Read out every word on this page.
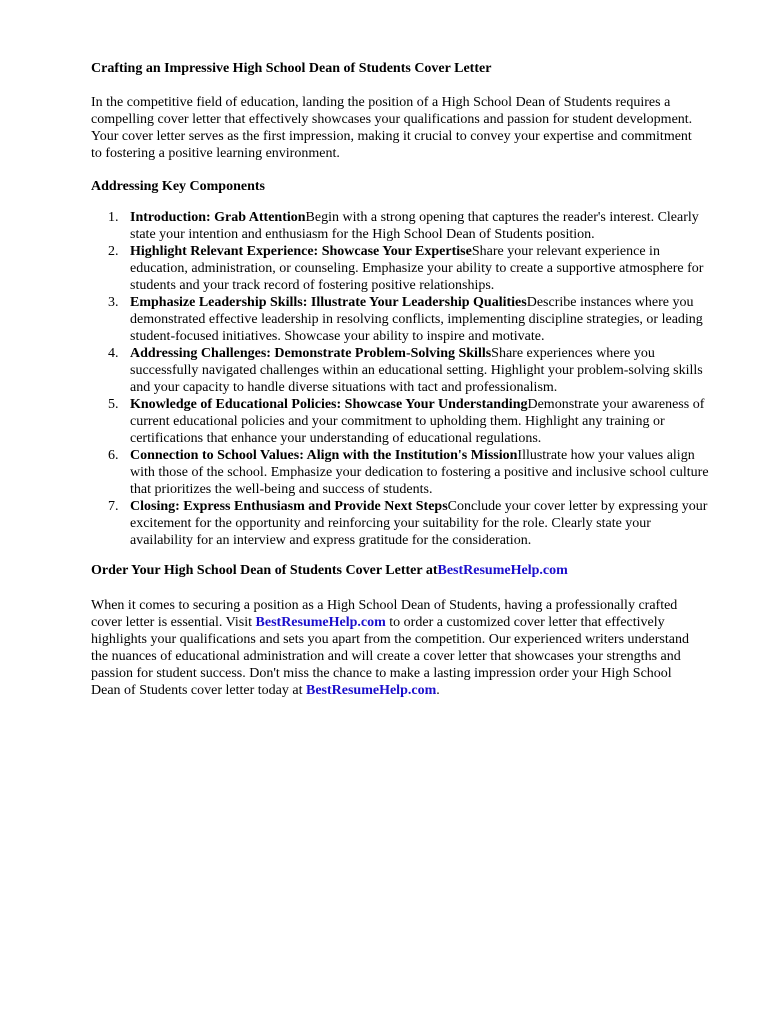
Crafting an Impressive High School Dean of Students Cover Letter

In the competitive field of education, landing the position of a High School Dean of Students requires a compelling cover letter that effectively showcases your qualifications and passion for student development. Your cover letter serves as the first impression, making it crucial to convey your expertise and commitment to fostering a positive learning environment.

Addressing Key Components
1. Introduction: Grab AttentionBegin with a strong opening that captures the reader's interest. Clearly state your intention and enthusiasm for the High School Dean of Students position.
2. Highlight Relevant Experience: Showcase Your ExpertiseShare your relevant experience in education, administration, or counseling. Emphasize your ability to create a supportive atmosphere for students and your track record of fostering positive relationships.
3. Emphasize Leadership Skills: Illustrate Your Leadership QualitiesDescribe instances where you demonstrated effective leadership in resolving conflicts, implementing discipline strategies, or leading student-focused initiatives. Showcase your ability to inspire and motivate.
4. Addressing Challenges: Demonstrate Problem-Solving SkillsShare experiences where you successfully navigated challenges within an educational setting. Highlight your problem-solving skills and your capacity to handle diverse situations with tact and professionalism.
5. Knowledge of Educational Policies: Showcase Your UnderstandingDemonstrate your awareness of current educational policies and your commitment to upholding them. Highlight any training or certifications that enhance your understanding of educational regulations.
6. Connection to School Values: Align with the Institution's MissionIllustrate how your values align with those of the school. Emphasize your dedication to fostering a positive and inclusive school culture that prioritizes the well-being and success of students.
7. Closing: Express Enthusiasm and Provide Next StepsConclude your cover letter by expressing your excitement for the opportunity and reinforcing your suitability for the role. Clearly state your availability for an interview and express gratitude for the consideration.
Order Your High School Dean of Students Cover Letter atBestResumeHelp.com

When it comes to securing a position as a High School Dean of Students, having a professionally crafted cover letter is essential. Visit BestResumeHelp.com to order a customized cover letter that effectively highlights your qualifications and sets you apart from the competition. Our experienced writers understand the nuances of educational administration and will create a cover letter that showcases your strengths and passion for student success. Don't miss the chance to make a lasting impression order your High School Dean of Students cover letter today at BestResumeHelp.com.
